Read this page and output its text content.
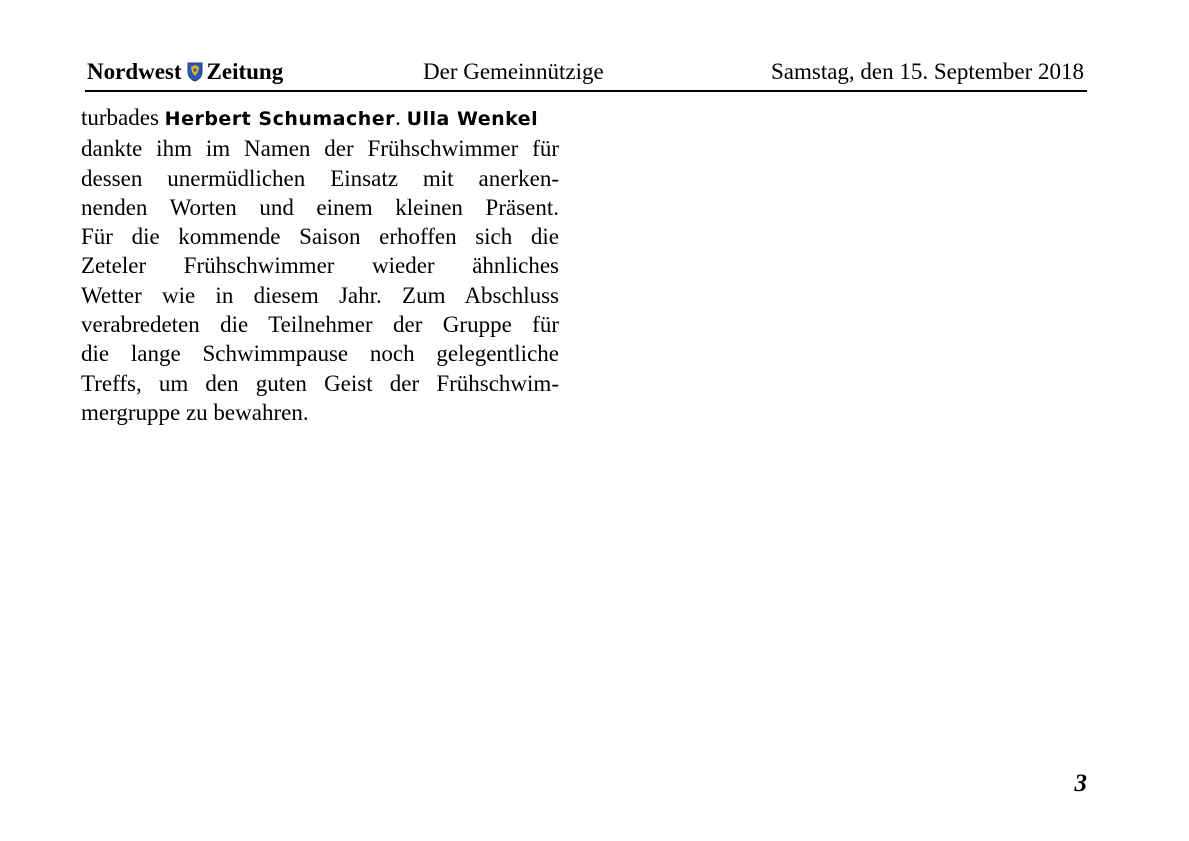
Nordwest Zeitung	Der Gemeinnützige	Samstag, den 15. September 2018
turbades Herbert Schumacher. Ulla Wenkel
dankte ihm im Namen der Frühschwimmer für
dessen unermüdlichen Einsatz mit anerken-
nenden Worten und einem kleinen Präsent.
Für die kommende Saison erhoffen sich die
Zeteler Frühschwimmer wieder ähnliches
Wetter wie in diesem Jahr. Zum Abschluss
verabredeten die Teilnehmer der Gruppe für
die lange Schwimmpause noch gelegentliche
Treffs, um den guten Geist der Frühschwim-
mergruppe zu bewahren.
3
